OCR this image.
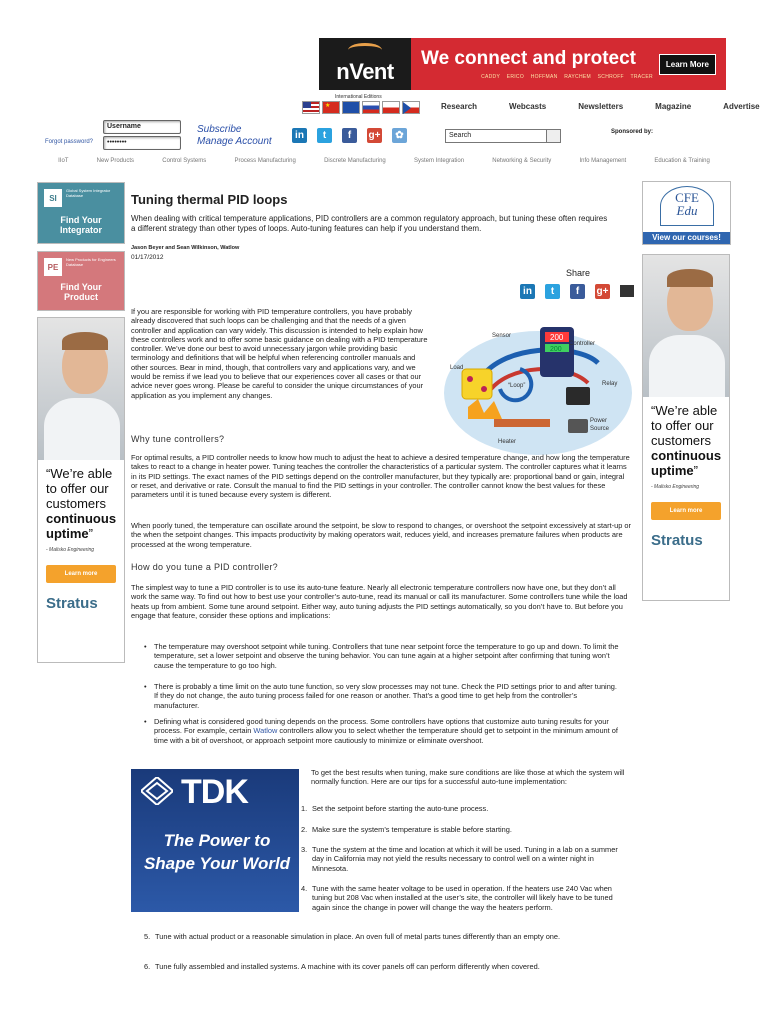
nVent
We connect and protect
CADDY ERICO HOFFMAN RAYCHEM SCHROFF TRACER
Learn More
International Editions
★	Research	Webcasts	Newsletters	Magazine	Advertise
Username
••••••••
Forgot password?
Subscribe
Manage Account
in	t	f	g+	✿	Search	Sponsored by:
IIoT	New Products	Control Systems	Process Manufacturing	Discrete Manufacturing	System Integration	Networking & Security	Info Management	Education & Training
SI
Global System Integrator Database
Find Your
Integrator
PE
New Products for Engineers Database
Find Your
Product
“We’re able to offer our customers continuous uptime”
- Malisko Engineering
Learn more
Stratus
CFE
Edu
View our courses!
“We’re able to offer our customers continuous uptime”
- Malisko Engineering
Learn more
Stratus
Tuning thermal PID loops
When dealing with critical temperature applications, PID controllers are a common regulatory approach, but tuning these often requires a different strategy than other types of loops. Auto-tuning features can help if you understand them.
Jason Beyer and Sean Wilkinson, Watlow
01/17/2012
Share
in	t	f	g+
If you are responsible for working with PID temperature controllers, you have probably already discovered that such loops can be challenging and that the needs of a given controller and application can vary widely. This discussion is intended to help explain how these controllers work and to offer some basic guidance on dealing with a PID temperature controller. We’ve done our best to avoid unnecessary jargon while providing basic terminology and definitions that will be helpful when referencing controller manuals and other sources. Bear in mind, though, that controllers vary and applications vary, and we would be remiss if we lead you to believe that our experiences cover all cases or that our advice never goes wrong. Please be careful to consider the unique circumstances of your application as you implement any changes.
200
200
Sensor
Controller
Load
“Loop”	Relay
Power
Source
Heater
Why tune controllers?
For optimal results, a PID controller needs to know how much to adjust the heat to achieve a desired temperature change, and how long the temperature takes to react to a change in heater power. Tuning teaches the controller the characteristics of a particular system. The controller captures what it learns in its PID settings. The exact names of the PID settings depend on the controller manufacturer, but they typically are: proportional band or gain, integral or reset, and derivative or rate. Consult the manual to find the PID settings in your controller. The controller cannot know the best values for these parameters until it is tuned because every system is different.
When poorly tuned, the temperature can oscillate around the setpoint, be slow to respond to changes, or overshoot the setpoint excessively at start-up or the when the setpoint changes. This impacts productivity by making operators wait, reduces yield, and increases premature failures when products are processed at the wrong temperature.
How do you tune a PID controller?
The simplest way to tune a PID controller is to use its auto-tune feature. Nearly all electronic temperature controllers now have one, but they don’t all work the same way. To find out how to best use your controller’s auto-tune, read its manual or call its manufacturer. Some controllers tune while the load heats up from ambient. Some tune around setpoint. Either way, auto tuning adjusts the PID settings automatically, so you don’t have to. But before you engage that feature, consider these options and implications:
• The temperature may overshoot setpoint while tuning. Controllers that tune near setpoint force the temperature to go up and down. To limit the temperature, set a lower setpoint and observe the tuning behavior. You can tune again at a higher setpoint after confirming that tuning won’t cause the temperature to go too high.
• There is probably a time limit on the auto tune function, so very slow processes may not tune. Check the PID settings prior to and after tuning. If they do not change, the auto tuning process failed for one reason or another. That’s a good time to get help from the controller’s manufacturer.
• Defining what is considered good tuning depends on the process. Some controllers have options that customize auto tuning results for your process. For example, certain Watlow controllers allow you to select whether the temperature should get to setpoint in the minimum amount of time with a bit of overshoot, or approach setpoint more cautiously to minimize or eliminate overshoot.
TDK
The Power to Shape Your World
To get the best results when tuning, make sure conditions are like those at which the system will normally function. Here are our tips for a successful auto-tune implementation:
1. Set the setpoint before starting the auto-tune process.
2. Make sure the system’s temperature is stable before starting.
3. Tune the system at the time and location at which it will be used. Tuning in a lab on a summer day in California may not yield the results necessary to control well on a winter night in Minnesota.
4. Tune with the same heater voltage to be used in operation. If the heaters use 240 Vac when tuning but 208 Vac when installed at the user’s site, the controller will likely have to be tuned again since the change in power will change the way the heaters perform.
5. Tune with actual product or a reasonable simulation in place. An oven full of metal parts tunes differently than an empty one.
6. Tune fully assembled and installed systems. A machine with its cover panels off can perform differently when covered.
